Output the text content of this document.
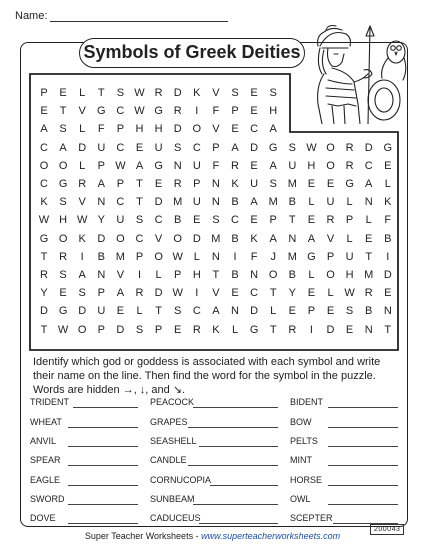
Name:
Symbols of Greek Deities
P	E	L	T	S W R	D	K	V	S	E	S
E	T	V	G C W G R	I	F	P	E	H
A	S	L	F	P	H	H	D O	V	E	C	A
C	A	D	U	C	E	U	S	C	P	A	D G	S W O R	D G
O O	L	P W A	G N	U	F	R	E	A	U	H O R	C	E
C G R	A	P	T	E	R	P	N	K	U	S M E	E	G	A	L
K	S	V	N	C	T	D M U	N	B	A M B	L	U	L	N	K
W H W Y	U	S	C	B	E	S	C	E	P	T	E	R	P	L	F
G O	K	D O C	V	O D M B	K	A	N	A	V	L	E	B
T	R	I	B M P	O W L	N	I	F	J	M G	P	U	T	I
R	S	A	N	V	I	L	P	H	T	B	N O	B	L	O H M D
Y	E	S	P	A	R	D W	I	V	E	C	T	Y	E	L W R	E
D G D	U	E	L	T	S	C	A	N	D	L	E	P	E	S	B	N
T W O	P	D	S	P	E	R	K	L	G	T	R	I	D	E	N	T
Identify which god or goddess is associated with each symbol and write their name on the line. Then find the word for the symbol in the puzzle. Words are hidden →, ↓, and ↘.
TRIDENT
WHEAT
ANVIL
SPEAR
EAGLE
SWORD
DOVE
PEACOCK
GRAPES
SEASHELL
CANDLE
CORNUCOPIA
SUNBEAM
CADUCEUS
BIDENT
BOW
PELTS
MINT
HORSE
OWL
SCEPTER
Super Teacher Worksheets - www.superteacherworksheets.com
200043
